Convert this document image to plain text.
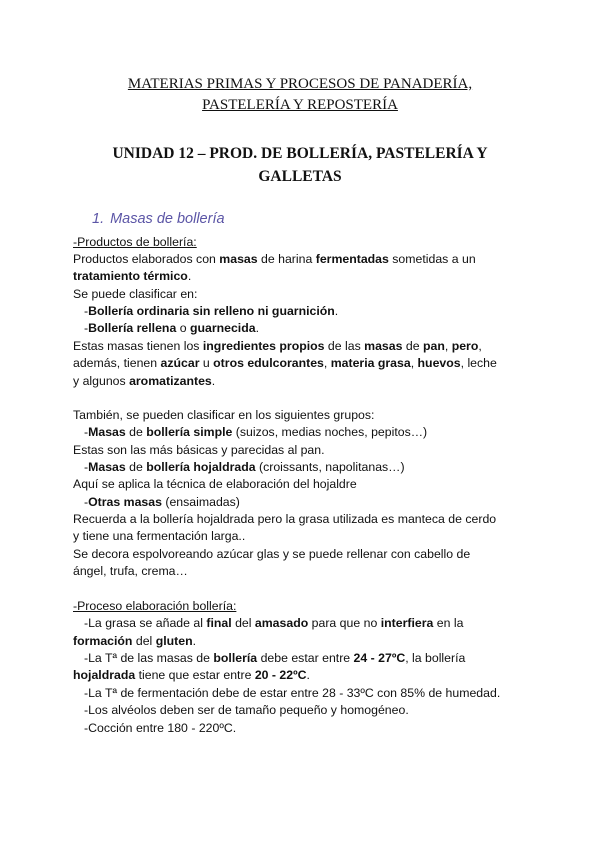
MATERIAS PRIMAS Y PROCESOS DE PANADERÍA,
PASTELERÍA Y REPOSTERÍA
UNIDAD 12 – PROD. DE BOLLERÍA, PASTELERÍA Y
GALLETAS
1. Masas de bollería
-Productos de bollería:
Productos elaborados con masas de harina fermentadas sometidas a un
tratamiento térmico.
Se puede clasificar en:
-Bollería ordinaria sin relleno ni guarnición.
-Bollería rellena o guarnecida.
Estas masas tienen los ingredientes propios de las masas de pan, pero,
además, tienen azúcar u otros edulcorantes, materia grasa, huevos, leche
y algunos aromatizantes.
También, se pueden clasificar en los siguientes grupos:
-Masas de bollería simple (suizos, medias noches, pepitos…)
Estas son las más básicas y parecidas al pan.
-Masas de bollería hojaldrada (croissants, napolitanas…)
Aquí se aplica la técnica de elaboración del hojaldre
-Otras masas (ensaimadas)
Recuerda a la bollería hojaldrada pero la grasa utilizada es manteca de cerdo
y tiene una fermentación larga..
Se decora espolvoreando azúcar glas y se puede rellenar con cabello de
ángel, trufa, crema…
-Proceso elaboración bollería:
-La grasa se añade al final del amasado para que no interfiera en la
formación del gluten.
-La Tª de las masas de bollería debe estar entre 24 - 27ºC, la bollería
hojaldrada tiene que estar entre 20 - 22ºC.
-La Tª de fermentación debe de estar entre 28 - 33ºC con 85% de humedad.
-Los alvéolos deben ser de tamaño pequeño y homogéneo.
-Cocción entre 180 - 220ºC.
